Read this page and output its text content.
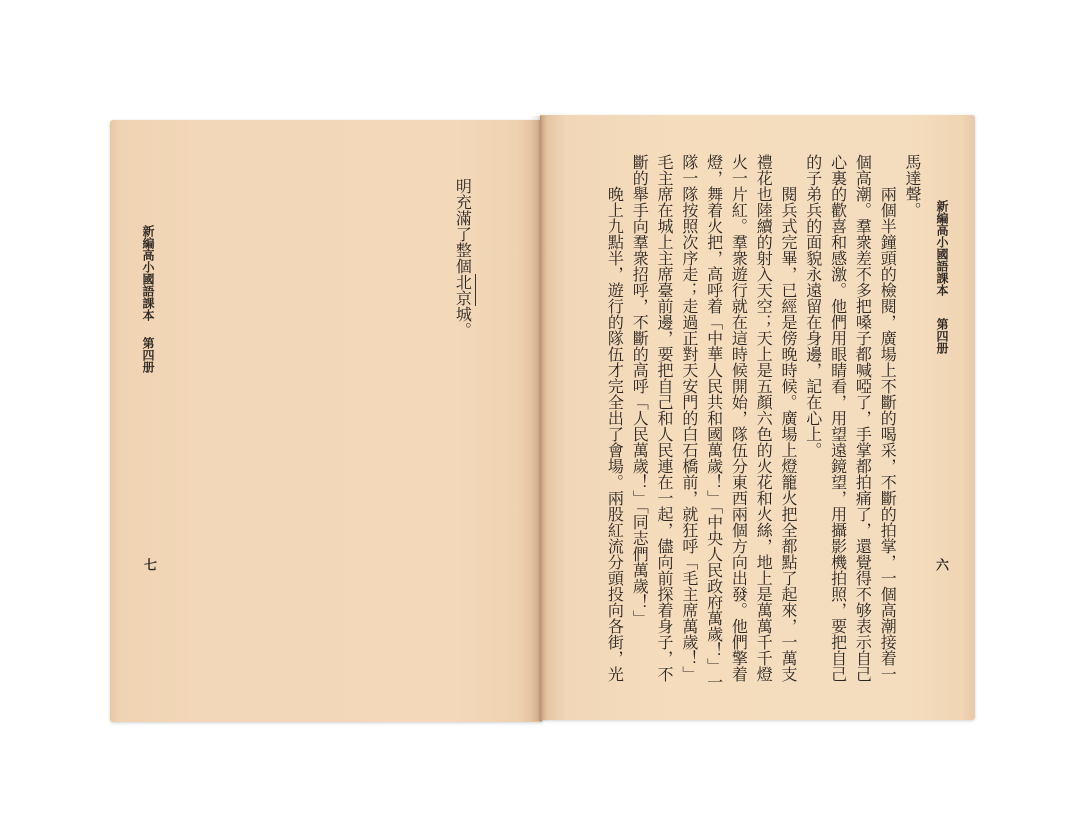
新編高小國語課本
第四册
明充滿了整個北京城。
七
新編高小國語課本
第四册
馬達聲。
兩個半鐘頭的檢閱，廣場上不斷的喝采，不斷的拍掌，一個高潮接着一
個高潮。羣衆差不多把嗓子都喊啞了，手掌都拍痛了，還覺得不够表示自己
心裏的歡喜和感激。他們用眼睛看，用望遠鏡望，用攝影機拍照，要把自己
的子弟兵的面貌永遠留在身邊，記在心上。
閱兵式完畢，已經是傍晚時候。廣場上燈籠火把全都點了起來，一萬支
禮花也陸續的射入天空；天上是五顏六色的火花和火絲，地上是萬萬千千燈
火一片紅。羣衆遊行就在這時候開始，隊伍分東西兩個方向出發。他們擎着
燈，舞着火把，高呼着「中華人民共和國萬歲！」「中央人民政府萬歲！」一
隊一隊按照次序走；走過正對天安門的白石橋前，就狂呼「毛主席萬歲！」
毛主席在城上主席臺前邊，要把自己和人民連在一起，儘向前探着身子，不
斷的舉手向羣衆招呼，不斷的高呼「人民萬歲！」「同志們萬歲！」
晚上九點半，遊行的隊伍才完全出了會場。兩股紅流分頭投向各街，光	六
